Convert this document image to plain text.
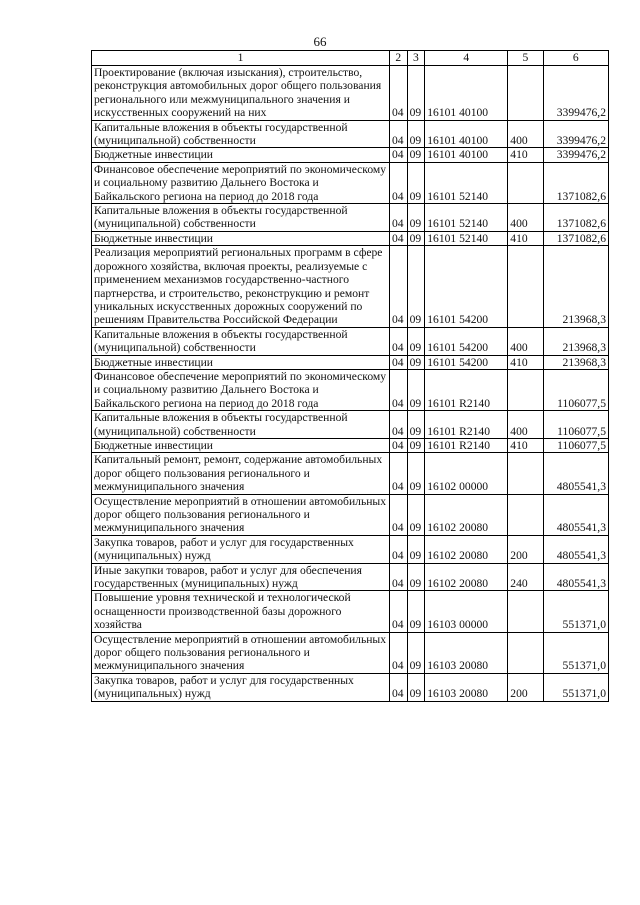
66
1	2	3	4	5	6
Проектирование (включая изыскания), строительство, реконструкция автомобильных дорог общего пользования регионального или межмуниципального значения и искусственных сооружений на них	04	09	16101 40100		3399476,2
Капитальные вложения в объекты государственной (муниципальной) собственности	04	09	16101 40100	400	3399476,2
Бюджетные инвестиции	04	09	16101 40100	410	3399476,2
Финансовое обеспечение мероприятий по экономическому и социальному развитию Дальнего Востока и Байкальского региона на период до 2018 года	04	09	16101 52140		1371082,6
Капитальные вложения в объекты государственной (муниципальной) собственности	04	09	16101 52140	400	1371082,6
Бюджетные инвестиции	04	09	16101 52140	410	1371082,6
Реализация мероприятий региональных программ в сфере дорожного хозяйства, включая проекты, реализуемые с применением механизмов государственно-частного партнерства, и строительство, реконструкцию и ремонт уникальных искусственных дорожных сооружений по решениям Правительства Российской Федерации	04	09	16101 54200		213968,3
Капитальные вложения в объекты государственной (муниципальной) собственности	04	09	16101 54200	400	213968,3
Бюджетные инвестиции	04	09	16101 54200	410	213968,3
Финансовое обеспечение мероприятий по экономическому и социальному развитию Дальнего Востока и Байкальского региона на период до 2018 года	04	09	16101 R2140		1106077,5
Капитальные вложения в объекты государственной (муниципальной) собственности	04	09	16101 R2140	400	1106077,5
Бюджетные инвестиции	04	09	16101 R2140	410	1106077,5
Капитальный ремонт, ремонт, содержание автомобильных дорог общего пользования регионального и межмуниципального значения	04	09	16102 00000		4805541,3
Осуществление мероприятий в отношении автомобильных дорог общего пользования регионального и межмуниципального значения	04	09	16102 20080		4805541,3
Закупка товаров, работ и услуг для государственных (муниципальных) нужд	04	09	16102 20080	200	4805541,3
Иные закупки товаров, работ и услуг для обеспечения государственных (муниципальных) нужд	04	09	16102 20080	240	4805541,3
Повышение уровня технической и технологической оснащенности производственной базы дорожного хозяйства	04	09	16103 00000		551371,0
Осуществление мероприятий в отношении автомобильных дорог общего пользования регионального и межмуниципального значения	04	09	16103 20080		551371,0
Закупка товаров, работ и услуг для государственных (муниципальных) нужд	04	09	16103 20080	200	551371,0
